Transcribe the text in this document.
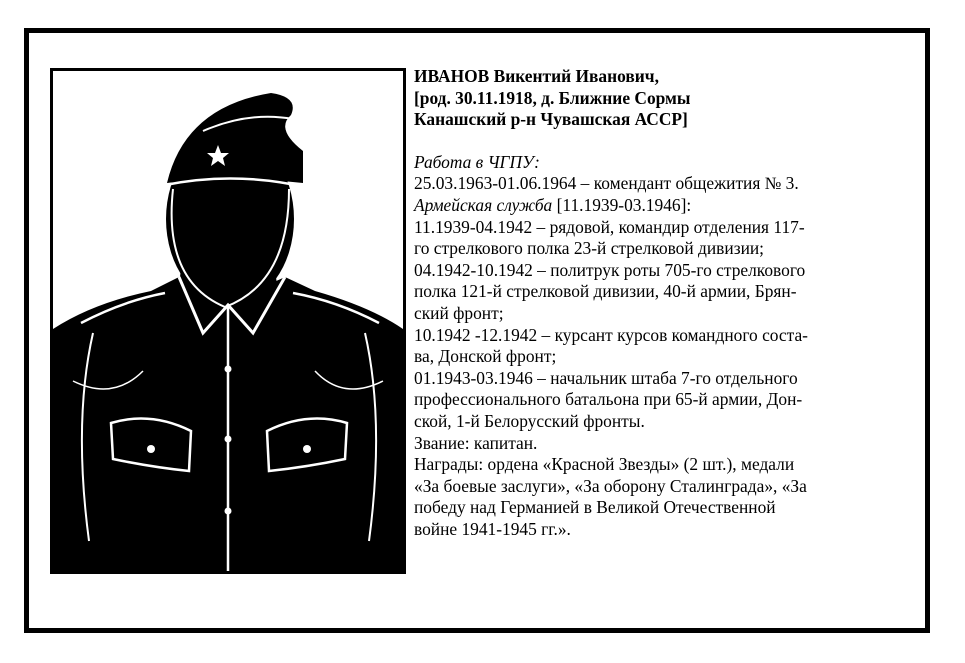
ИВАНОВ Викентий Иванович,
[род. 30.11.1918, д. Ближние Сормы
Канашский р-н Чувашская АССР]
Работа в ЧГПУ:
25.03.1963-01.06.1964 – комендант общежития № 3.
Армейская служба [11.1939-03.1946]:
11.1939-04.1942 – рядовой, командир отделения 117-
го стрелкового полка 23-й стрелковой дивизии;
04.1942-10.1942 – политрук роты 705-го стрелкового
полка 121-й стрелковой дивизии, 40-й армии, Брян-
ский фронт;
10.1942 -12.1942 – курсант курсов командного соста-
ва, Донской фронт;
01.1943-03.1946 – начальник штаба 7-го отдельного
профессионального батальона при 65-й армии, Дон-
ской, 1-й Белорусский фронты.
Звание: капитан.
Награды: ордена «Красной Звезды» (2 шт.), медали
«За боевые заслуги», «За оборону Сталинграда», «За
победу над Германией в Великой Отечественной
войне 1941-1945 гг.».
